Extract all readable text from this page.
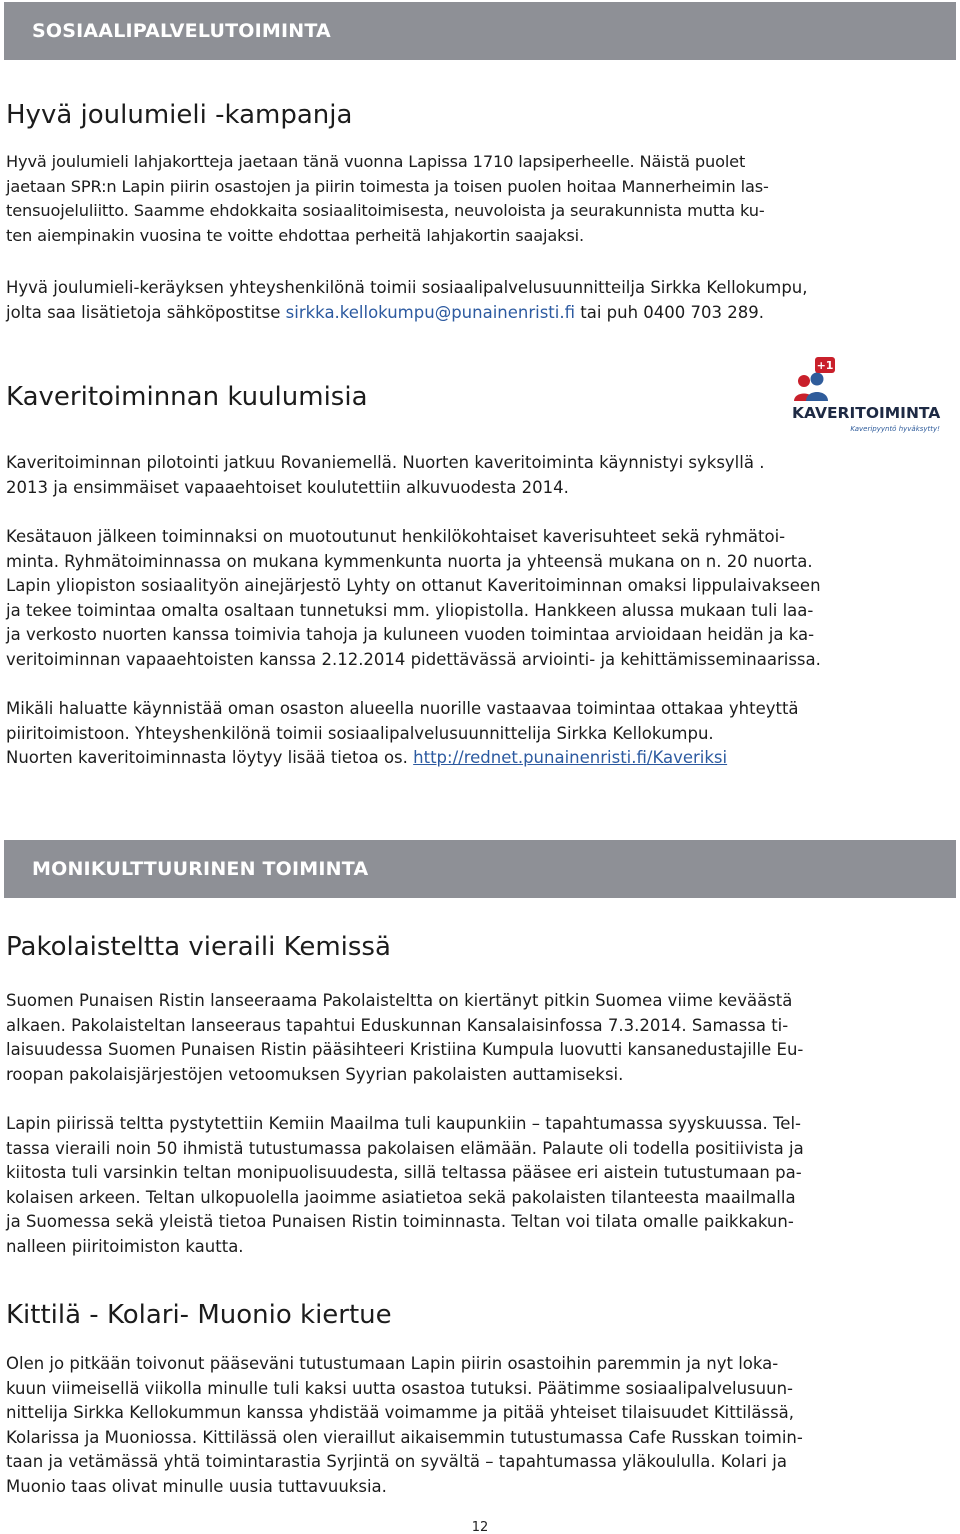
SOSIAALIPALVELUTOIMINTA
Hyvä joulumieli -kampanja
Hyvä joulumieli lahjakortteja jaetaan tänä vuonna Lapissa 1710 lapsiperheelle. Näistä puolet
jaetaan SPR:n Lapin piirin osastojen ja piirin toimesta ja toisen puolen hoitaa Mannerheimin las-
tensuojeluliitto. Saamme ehdokkaita sosiaalitoimisesta, neuvoloista ja seurakunnista mutta ku-
ten aiempinakin vuosina te voitte ehdottaa perheitä lahjakortin saajaksi.
Hyvä joulumieli-keräyksen yhteyshenkilönä toimii sosiaalipalvelusuunnitteilja Sirkka Kellokumpu,
jolta saa lisätietoja sähköpostitse sirkka.kellokumpu@punainenristi.fi tai puh 0400 703 289.
Kaveritoiminnan kuulumisia
+1
KAVERITOIMINTA
Kaveripyyntö hyväksytty!
Kaveritoiminnan pilotointi jatkuu Rovaniemellä. Nuorten kaveritoiminta käynnistyi syksyllä .
2013 ja ensimmäiset vapaaehtoiset koulutettiin alkuvuodesta 2014.
Kesätauon jälkeen toiminnaksi on muotoutunut henkilökohtaiset kaverisuhteet sekä ryhmätoi-
minta. Ryhmätoiminnassa on mukana kymmenkunta nuorta ja yhteensä mukana on n. 20 nuorta.
Lapin yliopiston sosiaalityön ainejärjestö Lyhty on ottanut Kaveritoiminnan omaksi lippulaivakseen
ja tekee toimintaa omalta osaltaan tunnetuksi mm. yliopistolla. Hankkeen alussa mukaan tuli laa-
ja verkosto nuorten kanssa toimivia tahoja ja kuluneen vuoden toimintaa arvioidaan heidän ja ka-
veritoiminnan vapaaehtoisten kanssa 2.12.2014 pidettävässä arviointi- ja kehittämisseminaarissa.
Mikäli haluatte käynnistää oman osaston alueella nuorille vastaavaa toimintaa ottakaa yhteyttä
piiritoimistoon. Yhteyshenkilönä toimii sosiaalipalvelusuunnittelija Sirkka Kellokumpu.
Nuorten kaveritoiminnasta löytyy lisää tietoa os. http://rednet.punainenristi.fi/Kaveriksi
MONIKULTTUURINEN TOIMINTA
Pakolaisteltta vieraili Kemissä
Suomen Punaisen Ristin lanseeraama Pakolaisteltta on kiertänyt pitkin Suomea viime keväästä
alkaen. Pakolaisteltan lanseeraus tapahtui Eduskunnan Kansalaisinfossa 7.3.2014. Samassa ti-
laisuudessa Suomen Punaisen Ristin pääsihteeri Kristiina Kumpula luovutti kansanedustajille Eu-
roopan pakolaisjärjestöjen vetoomuksen Syyrian pakolaisten auttamiseksi.
Lapin piirissä teltta pystytettiin Kemiin Maailma tuli kaupunkiin – tapahtumassa syyskuussa. Tel-
tassa vieraili noin 50 ihmistä tutustumassa pakolaisen elämään. Palaute oli todella positiivista ja
kiitosta tuli varsinkin teltan monipuolisuudesta, sillä teltassa pääsee eri aistein tutustumaan pa-
kolaisen arkeen. Teltan ulkopuolella jaoimme asiatietoa sekä pakolaisten tilanteesta maailmalla
ja Suomessa sekä yleistä tietoa Punaisen Ristin toiminnasta. Teltan voi tilata omalle paikkakun-
nalleen piiritoimiston kautta.
Kittilä - Kolari- Muonio kiertue
Olen jo pitkään toivonut pääseväni tutustumaan Lapin piirin osastoihin paremmin ja nyt loka-
kuun viimeisellä viikolla minulle tuli kaksi uutta osastoa tutuksi. Päätimme sosiaalipalvelusuun-
nittelija Sirkka Kellokummun kanssa yhdistää voimamme ja pitää yhteiset tilaisuudet Kittilässä,
Kolarissa ja Muoniossa. Kittilässä olen vieraillut aikaisemmin tutustumassa Cafe Russkan toimin-
taan ja vetämässä yhtä toimintarastia Syrjintä on syvältä – tapahtumassa yläkoululla. Kolari ja
Muonio taas olivat minulle uusia tuttavuuksia.
12
